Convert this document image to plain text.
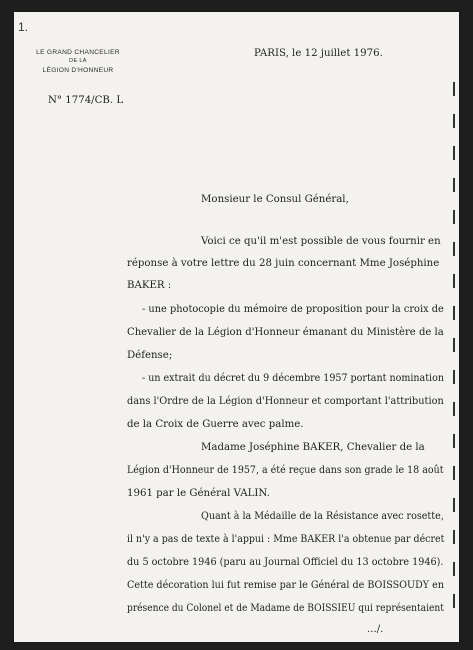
1.
LE GRAND CHANCELIER
DE LA
LÉGION D'HONNEUR
PARIS, le 12 juillet 1976.
N° 1774/CB. L
Monsieur le Consul Général,
Voici ce qu'il m'est possible de vous fournir en
réponse à votre lettre du 28 juin concernant Mme Joséphine
BAKER :
- une photocopie du mémoire de proposition pour la croix de
Chevalier de la Légion d'Honneur émanant du Ministère de la
Défense;
- un extrait du décret du 9 décembre 1957 portant nomination
dans l'Ordre de la Légion d'Honneur et comportant l'attribution
de la Croix de Guerre avec palme.
Madame Joséphine BAKER, Chevalier de la
Légion d'Honneur de 1957, a été reçue dans son grade le 18 août
1961 par le Général VALIN.
Quant à la Médaille de la Résistance avec rosette,
il n'y a pas de texte à l'appui : Mme BAKER l'a obtenue par décret
du 5 octobre 1946 (paru au Journal Officiel du 13 octobre 1946).
Cette décoration lui fut remise par le Général de BOISSOUDY en
présence du Colonel et de Madame de BOISSIEU qui représentaient
.../.
